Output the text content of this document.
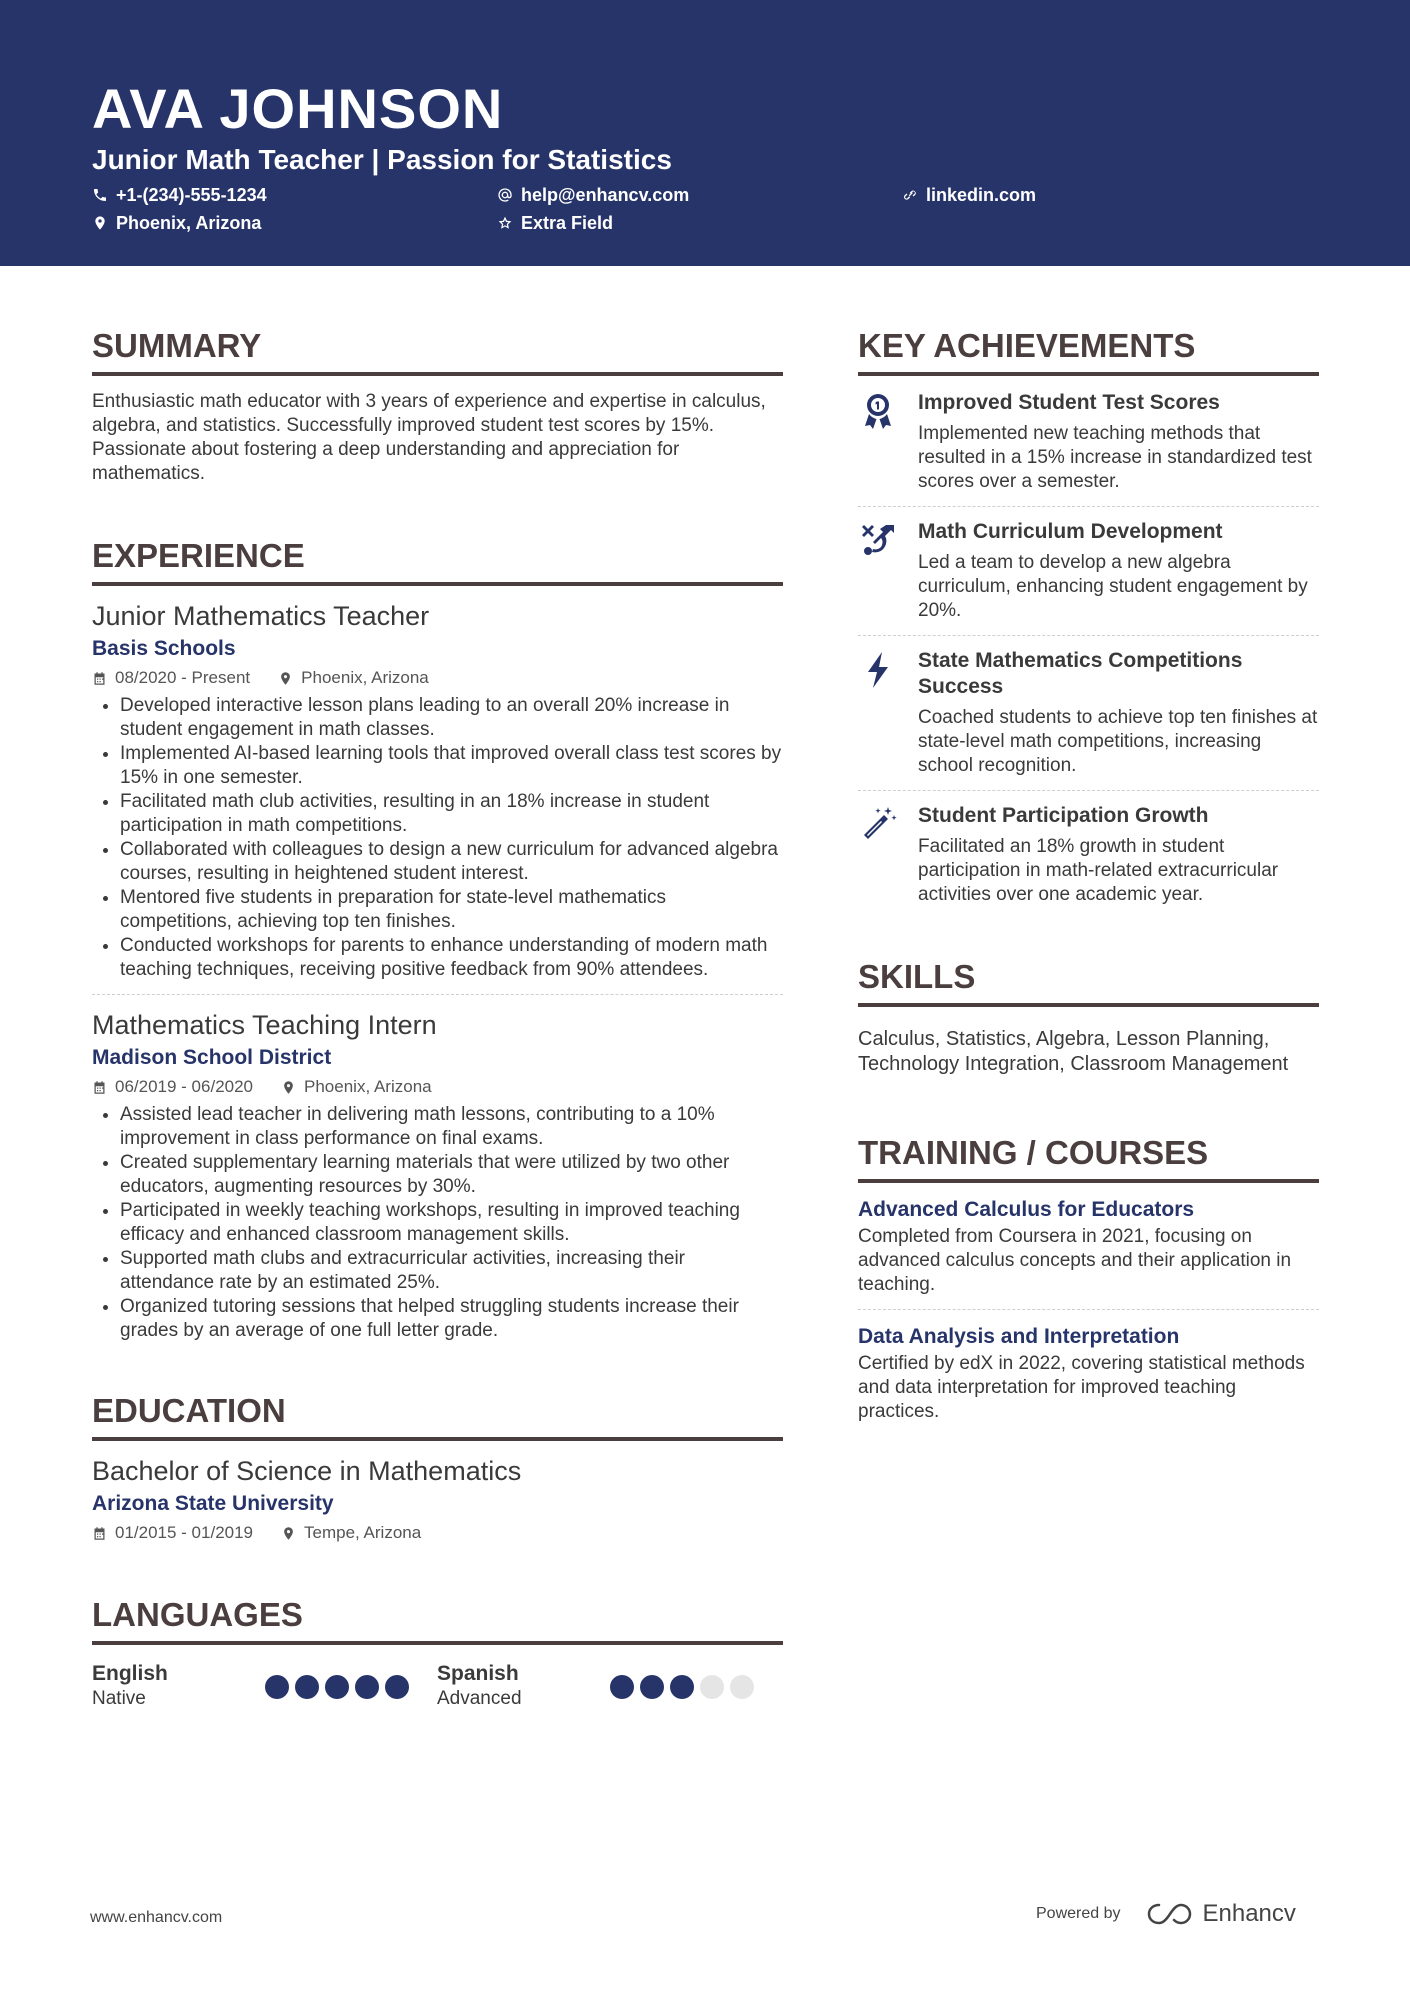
AVA JOHNSON
Junior Math Teacher | Passion for Statistics
+1-(234)-555-1234	help@enhancv.com	linkedin.com
Phoenix, Arizona	Extra Field
SUMMARY

Enthusiastic math educator with 3 years of experience and expertise in calculus, algebra, and statistics. Successfully improved student test scores by 15%. Passionate about fostering a deep understanding and appreciation for mathematics.

EXPERIENCE

Junior Mathematics Teacher

Basis Schools

08/2020 - Present	Phoenix, Arizona
• Developed interactive lesson plans leading to an overall 20% increase in student engagement in math classes.
• Implemented AI-based learning tools that improved overall class test scores by 15% in one semester.
• Facilitated math club activities, resulting in an 18% increase in student participation in math competitions.
• Collaborated with colleagues to design a new curriculum for advanced algebra courses, resulting in heightened student interest.
• Mentored five students in preparation for state-level mathematics competitions, achieving top ten finishes.
• Conducted workshops for parents to enhance understanding of modern math teaching techniques, receiving positive feedback from 90% attendees.

Mathematics Teaching Intern

Madison School District

06/2019 - 06/2020	Phoenix, Arizona
• Assisted lead teacher in delivering math lessons, contributing to a 10% improvement in class performance on final exams.
• Created supplementary learning materials that were utilized by two other educators, augmenting resources by 30%.
• Participated in weekly teaching workshops, resulting in improved teaching efficacy and enhanced classroom management skills.
• Supported math clubs and extracurricular activities, increasing their attendance rate by an estimated 25%.
• Organized tutoring sessions that helped struggling students increase their grades by an average of one full letter grade.
EDUCATION

Bachelor of Science in Mathematics

Arizona State University

01/2015 - 01/2019	Tempe, Arizona
LANGUAGES
English
Native
Spanish
Advanced
KEY ACHIEVEMENTS

Improved Student Test Scores

Implemented new teaching methods that resulted in a 15% increase in standardized test scores over a semester.

Math Curriculum Development

Led a team to develop a new algebra curriculum, enhancing student engagement by 20%.

State Mathematics Competitions Success

Coached students to achieve top ten finishes at state-level math competitions, increasing school recognition.

Student Participation Growth

Facilitated an 18% growth in student participation in math-related extracurricular activities over one academic year.

SKILLS

Calculus, Statistics, Algebra, Lesson Planning, Technology Integration, Classroom Management

TRAINING / COURSES

Advanced Calculus for Educators

Completed from Coursera in 2021, focusing on advanced calculus concepts and their application in teaching.

Data Analysis and Interpretation

Certified by edX in 2022, covering statistical methods and data interpretation for improved teaching practices.

www.enhancv.com	Powered by	Enhancv
